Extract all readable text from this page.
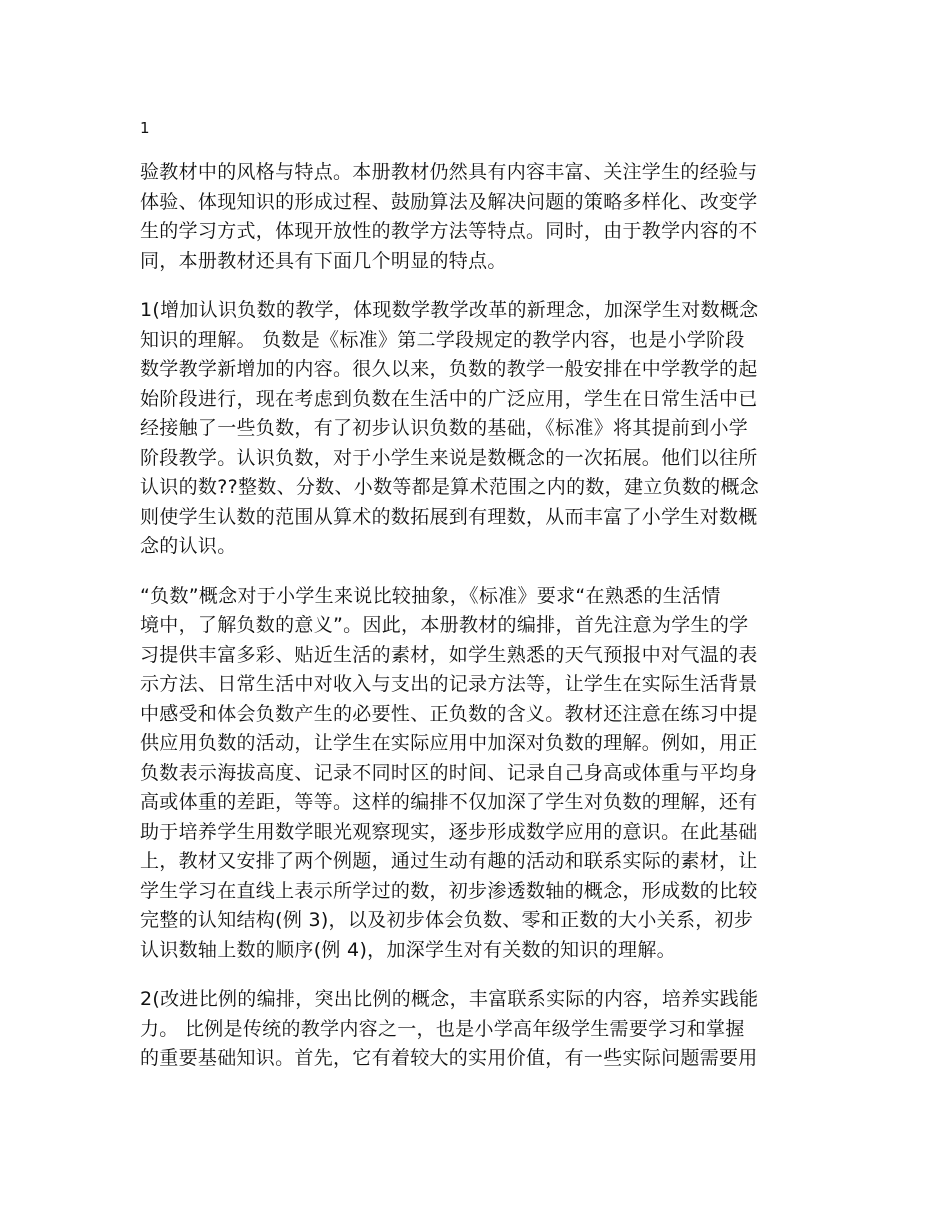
1

验教材中的风格与特点。本册教材仍然具有内容丰富、关注学生的经验与
体验、体现知识的形成过程、鼓励算法及解决问题的策略多样化、改变学
生的学习方式，体现开放性的教学方法等特点。同时，由于教学内容的不
同，本册教材还具有下面几个明显的特点。

1(增加认识负数的教学，体现数学教学改革的新理念，加深学生对数概念
知识的理解。 负数是《标准》第二学段规定的教学内容，也是小学阶段
数学教学新增加的内容。很久以来，负数的教学一般安排在中学教学的起
始阶段进行，现在考虑到负数在生活中的广泛应用，学生在日常生活中已
经接触了一些负数，有了初步认识负数的基础，《标准》将其提前到小学
阶段教学。认识负数，对于小学生来说是数概念的一次拓展。他们以往所
认识的数??整数、分数、小数等都是算术范围之内的数，建立负数的概念
则使学生认数的范围从算术的数拓展到有理数，从而丰富了小学生对数概
念的认识。

“负数”概念对于小学生来说比较抽象，《标准》要求“在熟悉的生活情
境中，了解负数的意义”。因此，本册教材的编排，首先注意为学生的学
习提供丰富多彩、贴近生活的素材，如学生熟悉的天气预报中对气温的表
示方法、日常生活中对收入与支出的记录方法等，让学生在实际生活背景
中感受和体会负数产生的必要性、正负数的含义。教材还注意在练习中提
供应用负数的活动，让学生在实际应用中加深对负数的理解。例如，用正
负数表示海拔高度、记录不同时区的时间、记录自己身高或体重与平均身
高或体重的差距，等等。这样的编排不仅加深了学生对负数的理解，还有
助于培养学生用数学眼光观察现实，逐步形成数学应用的意识。在此基础
上，教材又安排了两个例题，通过生动有趣的活动和联系实际的素材，让
学生学习在直线上表示所学过的数，初步渗透数轴的概念，形成数的比较
完整的认知结构(例 3)，以及初步体会负数、零和正数的大小关系，初步
认识数轴上数的顺序(例 4)，加深学生对有关数的知识的理解。

2(改进比例的编排，突出比例的概念，丰富联系实际的内容，培养实践能
力。 比例是传统的教学内容之一，也是小学高年级学生需要学习和掌握
的重要基础知识。首先，它有着较大的实用价值，有一些实际问题需要用
